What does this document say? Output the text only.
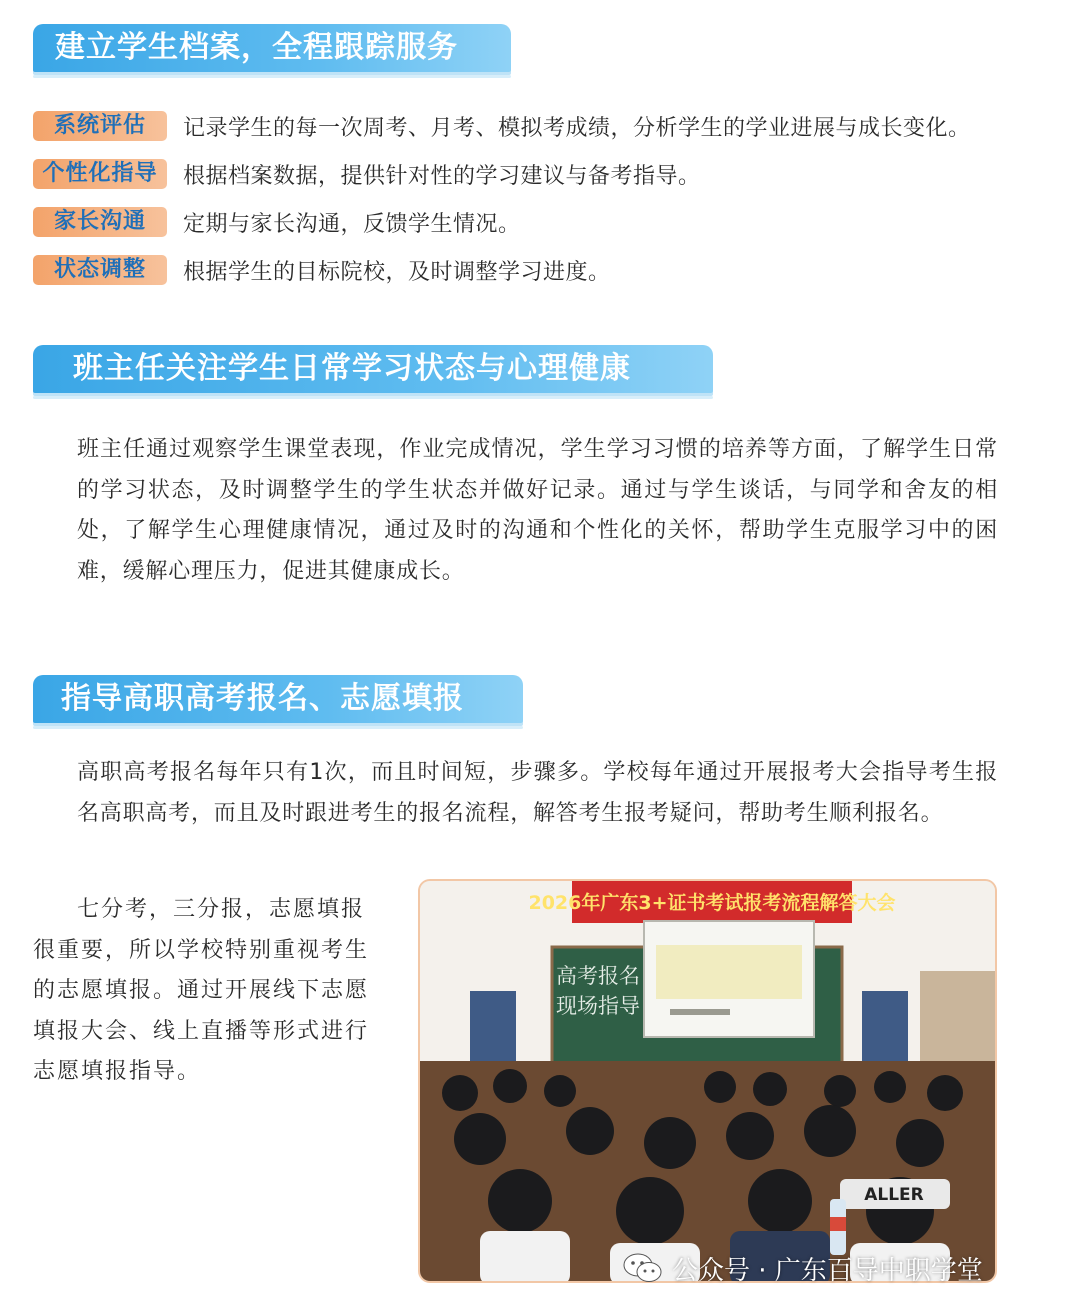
建立学生档案，全程跟踪服务
系统评估	记录学生的每一次周考、月考、模拟考成绩，分析学生的学业进展与成长变化。
个性化指导	根据档案数据，提供针对性的学习建议与备考指导。
家长沟通	定期与家长沟通，反馈学生情况。
状态调整	根据学生的目标院校，及时调整学习进度。
班主任关注学生日常学习状态与心理健康

班主任通过观察学生课堂表现，作业完成情况，学生学习习惯的培养等方面，了解学生日常的学习状态，及时调整学生的学生状态并做好记录。通过与学生谈话，与同学和舍友的相处，了解学生心理健康情况，通过及时的沟通和个性化的关怀，帮助学生克服学习中的困难，缓解心理压力，促进其健康成长。

指导高职高考报名、志愿填报

高职高考报名每年只有1次，而且时间短，步骤多。学校每年通过开展报考大会指导考生报名高职高考，而且及时跟进考生的报名流程，解答考生报考疑问，帮助考生顺利报名。

七分考，三分报，志愿填报很重要，所以学校特别重视考生的志愿填报。通过开展线下志愿填报大会、线上直播等形式进行志愿填报指导。

2026年广东3+证书考试报考流程解答大会
高考报名
现场指导
ALLER
公众号 · 广东百导中职学堂
